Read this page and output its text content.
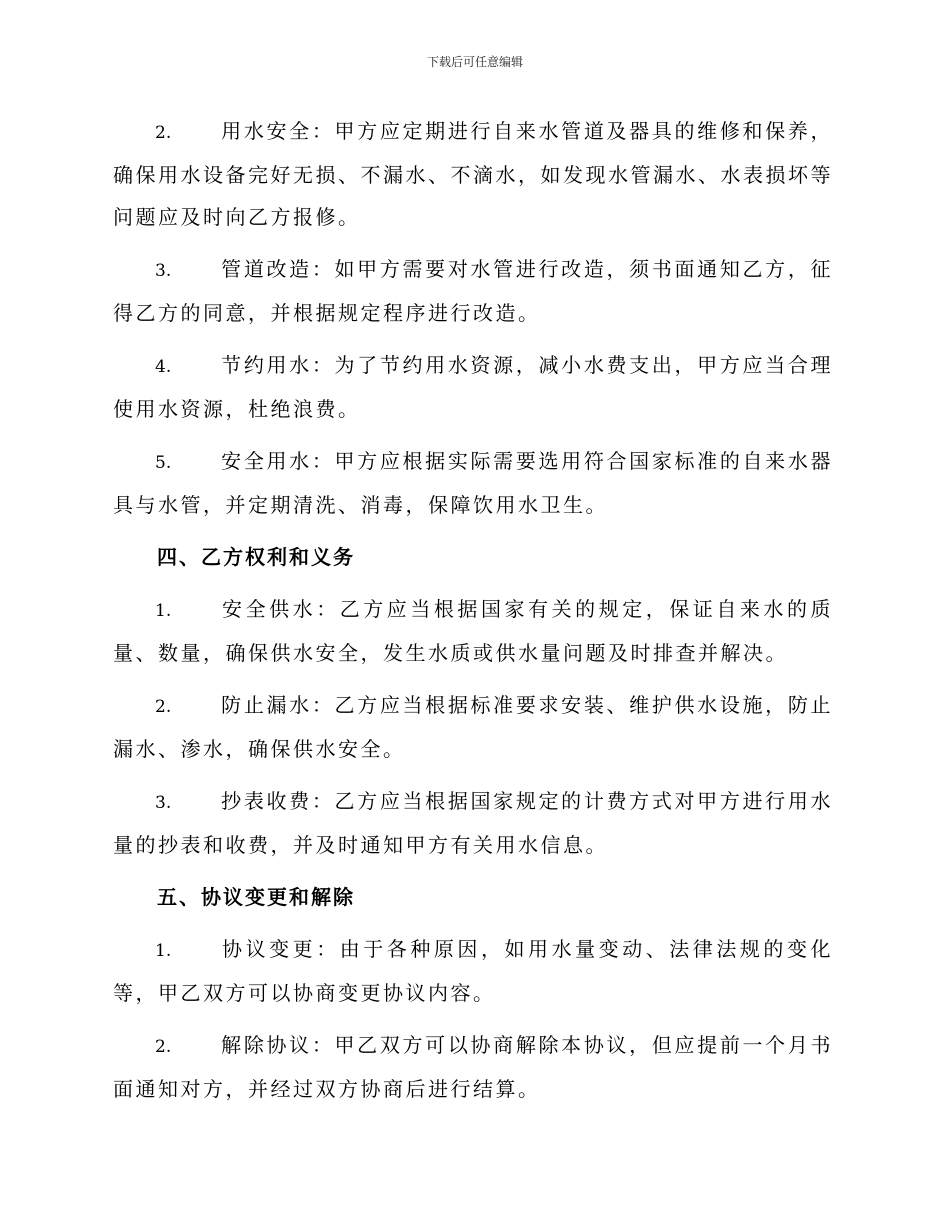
下载后可任意编辑

2. 用水安全：甲方应定期进行自来水管道及器具的维修和保养，确保用水设备完好无损、不漏水、不滴水，如发现水管漏水、水表损坏等问题应及时向乙方报修。

3. 管道改造：如甲方需要对水管进行改造，须书面通知乙方，征得乙方的同意，并根据规定程序进行改造。

4. 节约用水：为了节约用水资源，减小水费支出，甲方应当合理使用水资源，杜绝浪费。

5. 安全用水：甲方应根据实际需要选用符合国家标准的自来水器具与水管，并定期清洗、消毒，保障饮用水卫生。

四、乙方权利和义务

1. 安全供水：乙方应当根据国家有关的规定，保证自来水的质量、数量，确保供水安全，发生水质或供水量问题及时排查并解决。

2. 防止漏水：乙方应当根据标准要求安装、维护供水设施，防止漏水、渗水，确保供水安全。

3. 抄表收费：乙方应当根据国家规定的计费方式对甲方进行用水量的抄表和收费，并及时通知甲方有关用水信息。

五、协议变更和解除

1. 协议变更：由于各种原因，如用水量变动、法律法规的变化等，甲乙双方可以协商变更协议内容。

2. 解除协议：甲乙双方可以协商解除本协议，但应提前一个月书面通知对方，并经过双方协商后进行结算。
